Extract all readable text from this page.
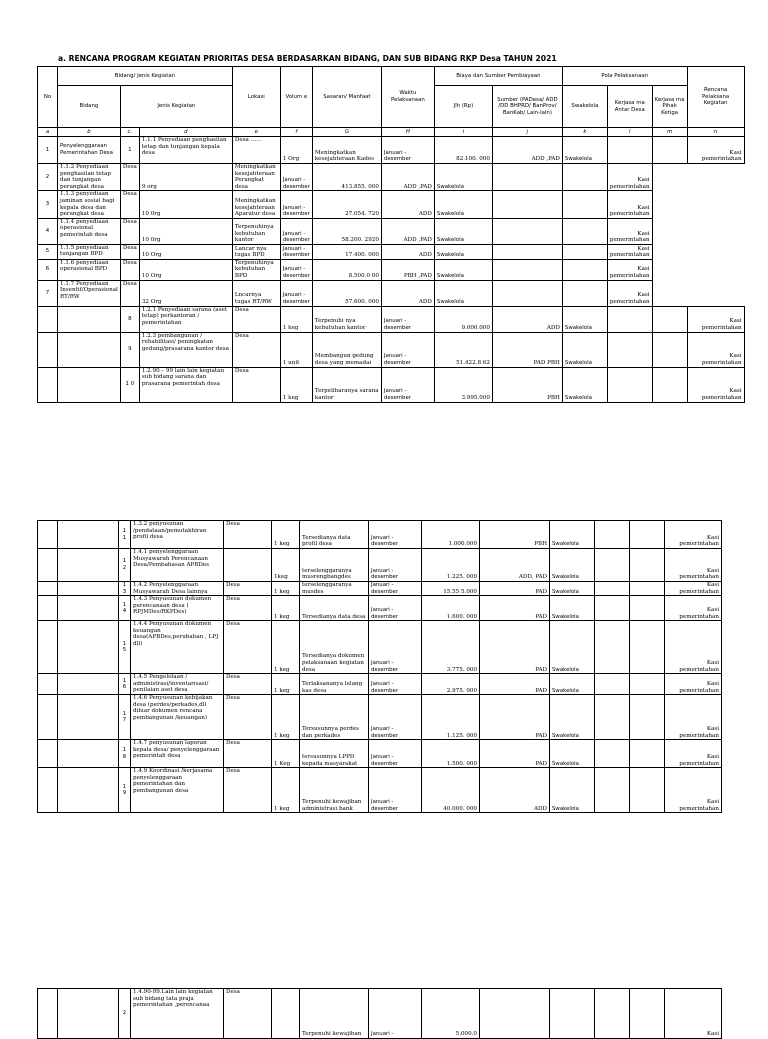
a. RENCANA PROGRAM KEGIATAN PRIORITAS DESA BERDASARKAN BIDANG, DAN SUB BIDANG RKP Desa TAHUN 2021
No	Bidang/ Jenis Kegiatan			Lokasi	Volum e	Sasaran/ Manfaat	Waktu Pelaksanaan	Biaya dan Sumber Pembiayaan		Pola Pelaksanaan			Rencana Pelaksana Kegiatan
	Bidang	Jenis Kegiatan						Jlh (Rp)	Sumber (PADesa/ ADD /DD BHPRD/ BanProv/ BanKab/ Lain-lain)	Swakelola	Kerjasa ma Antar Desa	Kerjasa ma Pihak Ketiga	
a	b	c.	d	e	f	G	H	i	j	k	l	m	n
1	Penyelenggaraan Pemerintahan Desa	1	1.1.1 Penyediaan penghasilan tetap dan tunjangan kepala desa	Desa ……	1 Org	Meningkatkan kesejahteraan Kades	Januari - desember	82.100. 000	ADD ,PAD	Swakelola			Kasi pemerintahan
2	1.1.2 Penyediaan penghasilan tetap dan tunjangan perangkat desa	Desa	9 org	Meningkatkan kesejahteraan Perangkat desa	Januari - desember	413.855. 000	ADD ,PAD	Swakelola			Kasi pemerintahan		
3	1.1.3 penyediaan jaminan sosial bagi kepala desa dan perangkat desa	Desa	10 0rg	Meningkatkan kesejahteraan Aparatur desa	Januari - desember	27.054. 720	ADD	Swakelola			Kasi pemerintahan		
4	1.1.4 penyediaan operasional pemerintah desa	Desa	10 0rg	Terpenuhinya kebutuhan kantor	Januari - desember	58.200. 2920	ADD ,PAD	Swakelola			Kasi pemerintahan		
5	1.1.5 penyediaan tunjangan BPD	Desa	10 Org	Lancar nya tugas BPD	Januari - desember	17.400. 000	ADD	Swakelola			Kasi pemerintahan		
6	1.1.6 penyediaan operasional BPD	Desa	10 Org	Terpenuhinya kebutuhan BPD	Januari - desember	8.500.0 00	PBH ,PAD	Swakelola			Kasi pemerintahan		
7	1.1.7 Penyediaan Insentif/Operasional RT/RW	Desa	32 Org	Lncarnya tugas RT/RW	Januari - desember	57.600. 000	ADD	Swakelola			Kasi pemerintahan		
		8	1.2.1 Penyediaan sarana (aset tetap) perkantoran / pemerintahan	Desa	1 keg	Terpenuhi nya kebutuhan kantor	Januari - desember	9.000.000	ADD	Swakelola			Kasi pemerintahan
		9	1.2.3 pembangunan / rehabilitasi/ peningkatan gedung/prasarana kantor desa	Desa	1 unit	Membangun gedung desa yang memadai	Januari - desember	51.422.8 62	PAD PBH	Swakelola			Kasi pemerintahan
		1 0	1.2.90 – 99 lain lain kegiatan sub bidang sarana dan prasarana pemerintah desa	Desa	1 keg	Terpeliharanya sarana kantor	Januari - desember	3.995.000	PBH	Swakelola			Kasi pemerintahan
		1 1	1.3.2 penyusunan /pendataan/pemutakhiran profil desa	Desa	1 keg	Tersedianya data profil desa	Januari - desember	1.000.000	PBH	Swakelola			Kasi pemerintahan
		1 2	1.4.1 penyelenggaraan Musyawarah Perencanaan Desa/Pembahasan APBDes		1keg	terselenggaranya musrengbangdes	Januari - desember	1.225. 000	ADD, PAD	Swakelola			Kasi pemerintahan
		1 3	1.4.2 Penyelenggaraan Musyawarah Desa lainnya	Desa	1 keg	terselenggaranya musdes	Januari - desember	15.55 5.000	PAD	Swakelola			Kasi pemerintahan
		1 4	1.4.3 Penyusunan dokumen perencanaan desa ( RPJMDes/RKPDes)	Desa	1 keg	Tersedianya data desa	Januari - desember	1.600. 000	PAD	Swakelola			Kasi pemerintahan
		1 5	1.4.4 Penyusunan dokumen keuangan desa(APBDes,perubahan , LPJ dll)	Desa	1 keg	Tersedianya dokumen pelaksanaan kegiatan desa	Januari - desember	3.775. 000	PAD	Swakelola			Kasi pemerintahan
		1 6	1.4.5 Pengelolaan / administrasi/inventarisasi/ penilaian aset desa	Desa	1 keg	Terlaksananya lelang kas desa	Januari - desember	2.975. 000	PAD	Swakelola			Kasi pemerintahan
		1 7	1.4.6 Penyusunan kebijakan desa (perdes/perkades,dll diluar dokumen rencana pembangunan /keuangan)	Desa	1 keg	Tersusunnya perdes dan perkades	Januari - desember	1.125. 000	PAD	Swakelola			Kasi pemerintahan
		1 8	1.4.7 penyusunan laporan kepala desa/ penyelenggaraan pemerintah desa	Desa	1 Keg	tersusunnya LPPD kepada masyarakat	Januari - desember	1.500. 000	PAD	Swakelola			Kasi pemerintahan
		1 9	1.4.9 Koordinasi /kerjasama penyelenggaraan pemerintahan dan pembangunan desa	Desa	1 keg	Terpenuhi kewajiban administrasi bank	Januari - desember	40.000. 000	ADD	Swakelola			Kasi pemerintahan
		2	1.4.90-99.Lain lain kegiatan sub bidang tata praja pemerintahan ,perencanaa	Desa		Terpenuhi kewajiban	Januari -	5.000.0					Kasi
